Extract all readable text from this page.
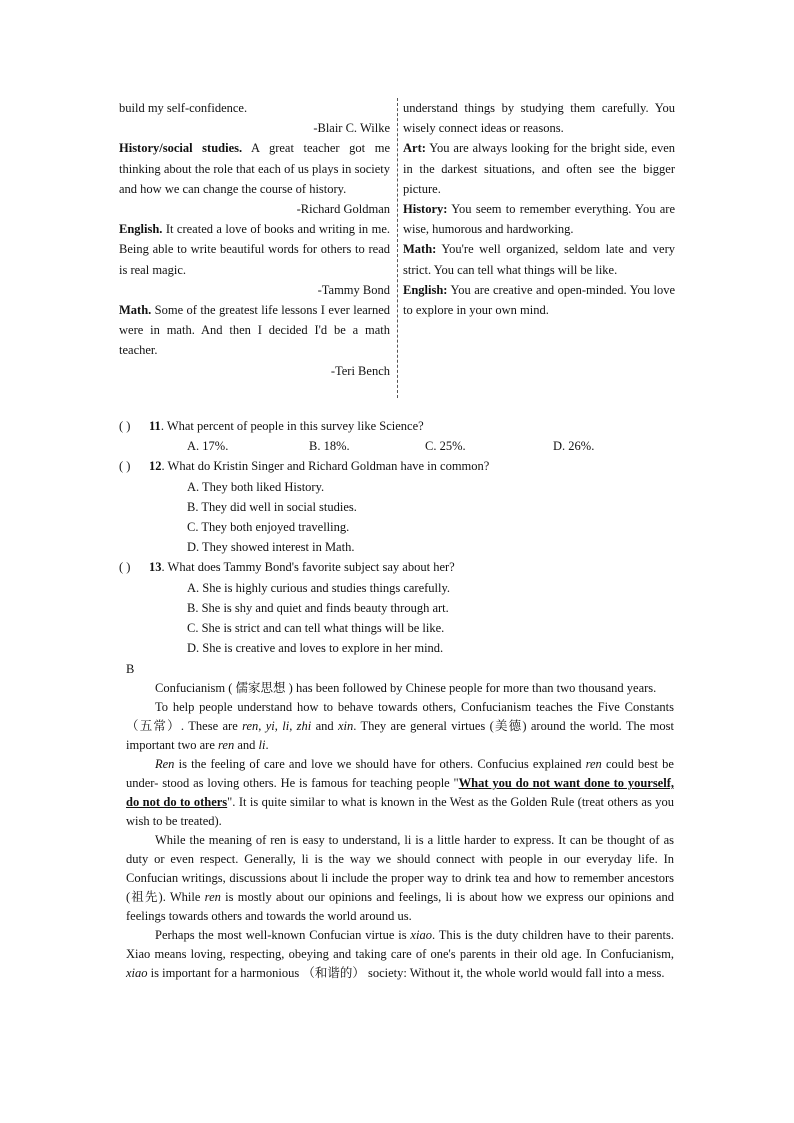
build my self-confidence.

-Blair C. Wilke

History/social studies. A great teacher got me thinking about the role that each of us plays in society and how we can change the course of history.

-Richard Goldman

English. It created a love of books and writing in me. Being able to write beautiful words for others to read is real magic.

-Tammy Bond

Math. Some of the greatest life lessons I ever learned were in math. And then I decided I'd be a math teacher.

-Teri Bench

understand things by studying them carefully. You wisely connect ideas or reasons.

Art: You are always looking for the bright side, even in the darkest situations, and often see the bigger picture.

History: You seem to remember everything. You are wise, humorous and hardworking.

Math: You're well organized, seldom late and very strict. You can tell what things will be like.

English: You are creative and open-minded. You love to explore in your own mind.

( ) 11. What percent of people in this survey like Science?

A. 17%.	B. 18%.	C. 25%.	D. 26%.

( ) 12. What do Kristin Singer and Richard Goldman have in common?

A. They both liked History.

B. They did well in social studies.

C. They both enjoyed travelling.

D. They showed interest in Math.

( ) 13. What does Tammy Bond's favorite subject say about her?

A. She is highly curious and studies things carefully.

B. She is shy and quiet and finds beauty through art.

C. She is strict and can tell what things will be like.

D. She is creative and loves to explore in her mind.

B

Confucianism ( 儒家思想 ) has been followed by Chinese people for more than two thousand years.

To help people understand how to behave towards others, Confucianism teaches the Five Constants （五常）. These are ren, yi, li, zhi and xin. They are general virtues (美德) around the world. The most important two are ren and li.

Ren is the feeling of care and love we should have for others. Confucius explained ren could best be under- stood as loving others. He is famous for teaching people "What you do not want done to yourself, do not do to others". It is quite similar to what is known in the West as the Golden Rule (treat others as you wish to be treated).

While the meaning of ren is easy to understand, li is a little harder to express. It can be thought of as duty or even respect. Generally, li is the way we should connect with people in our everyday life. In Confucian writings, discussions about li include the proper way to drink tea and how to remember ancestors (祖先). While ren is mostly about our opinions and feelings, li is about how we express our opinions and feelings towards others and towards the world around us.

Perhaps the most well-known Confucian virtue is xiao. This is the duty children have to their parents. Xiao means loving, respecting, obeying and taking care of one's parents in their old age. In Confucianism, xiao is important for a harmonious （和谐的） society: Without it, the whole world would fall into a mess.
